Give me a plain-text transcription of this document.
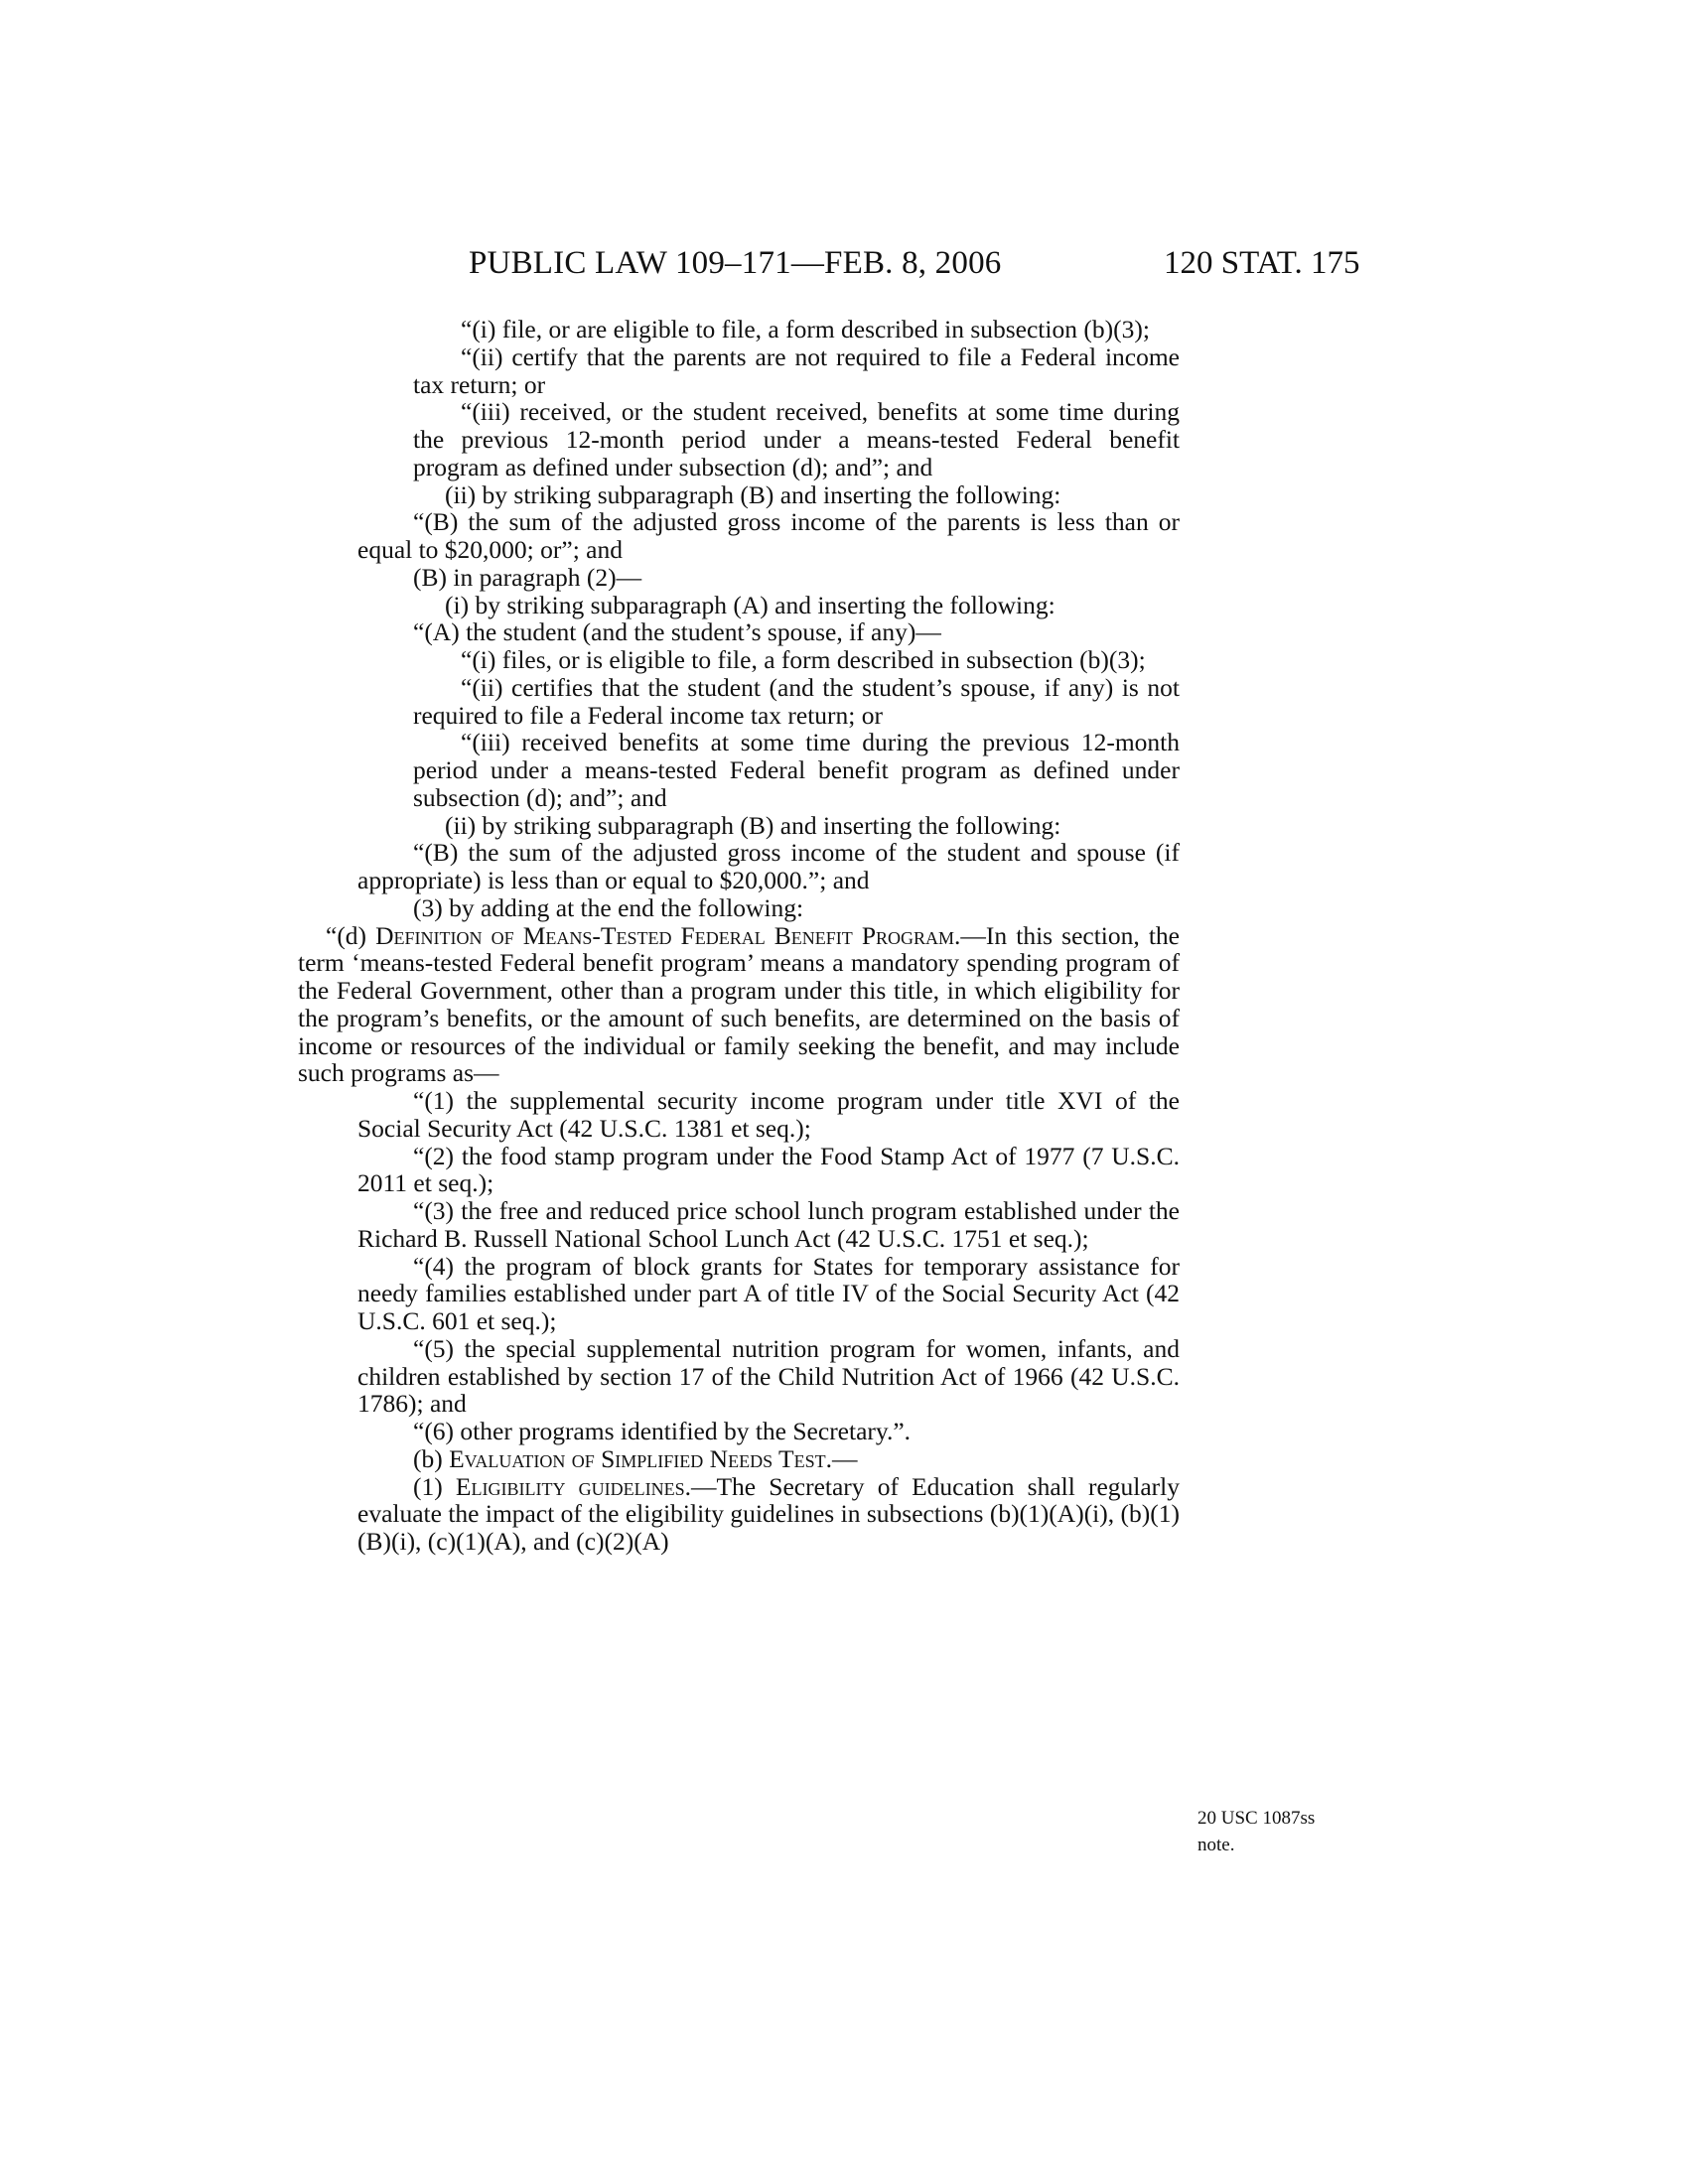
PUBLIC LAW 109–171—FEB. 8, 2006	120 STAT. 175

“(i) file, or are eligible to file, a form described in subsection (b)(3);

“(ii) certify that the parents are not required to file a Federal income tax return; or

“(iii) received, or the student received, benefits at some time during the previous 12-month period under a means-tested Federal benefit program as defined under subsection (d); and”; and

(ii) by striking subparagraph (B) and inserting the following:

“(B) the sum of the adjusted gross income of the parents is less than or equal to $20,000; or”; and

(B) in paragraph (2)—

(i) by striking subparagraph (A) and inserting the following:

“(A) the student (and the student’s spouse, if any)—

“(i) files, or is eligible to file, a form described in subsection (b)(3);

“(ii) certifies that the student (and the student’s spouse, if any) is not required to file a Federal income tax return; or

“(iii) received benefits at some time during the previous 12-month period under a means-tested Federal benefit program as defined under subsection (d); and”; and

(ii) by striking subparagraph (B) and inserting the following:

“(B) the sum of the adjusted gross income of the student and spouse (if appropriate) is less than or equal to $20,000.”; and

(3) by adding at the end the following:

“(d) Definition of Means-Tested Federal Benefit Program.—In this section, the term ‘means-tested Federal benefit program’ means a mandatory spending program of the Federal Government, other than a program under this title, in which eligibility for the program’s benefits, or the amount of such benefits, are determined on the basis of income or resources of the individual or family seeking the benefit, and may include such programs as—

“(1) the supplemental security income program under title XVI of the Social Security Act (42 U.S.C. 1381 et seq.);

“(2) the food stamp program under the Food Stamp Act of 1977 (7 U.S.C. 2011 et seq.);

“(3) the free and reduced price school lunch program established under the Richard B. Russell National School Lunch Act (42 U.S.C. 1751 et seq.);

“(4) the program of block grants for States for temporary assistance for needy families established under part A of title IV of the Social Security Act (42 U.S.C. 601 et seq.);

“(5) the special supplemental nutrition program for women, infants, and children established by section 17 of the Child Nutrition Act of 1966 (42 U.S.C. 1786); and

“(6) other programs identified by the Secretary.”.

(b) Evaluation of Simplified Needs Test.—

(1) Eligibility guidelines.—The Secretary of Education shall regularly evaluate the impact of the eligibility guidelines in subsections (b)(1)(A)(i), (b)(1)(B)(i), (c)(1)(A), and (c)(2)(A)

20 USC 1087ss
note.
